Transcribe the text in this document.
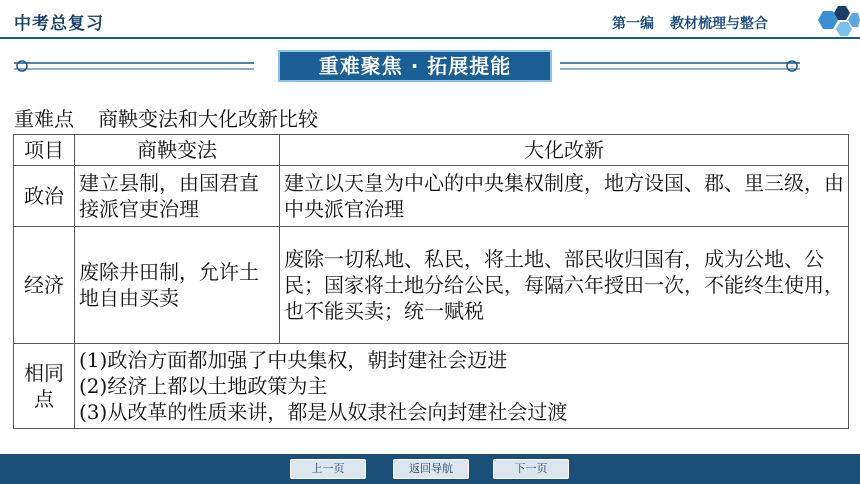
中考总复习	第一编 教材梳理与整合
重难聚焦 · 拓展提能
重难点 商鞅变法和大化改新比较
项目	商鞅变法	大化改新
政治	建立县制，由国君直接派官吏治理	建立以天皇为中心的中央集权制度，地方设国、郡、里三级，由中央派官治理
经济	废除井田制，允许土地自由买卖	废除一切私地、私民，将土地、部民收归国有，成为公地、公民；国家将土地分给公民，每隔六年授田一次，不能终生使用，也不能买卖；统一赋税
相同点	(1)政治方面都加强了中央集权，朝封建社会迈进
(2)经济上都以土地政策为主
(3)从改革的性质来讲，都是从奴隶社会向封建社会过渡	
上一页	返回导航	下一页
